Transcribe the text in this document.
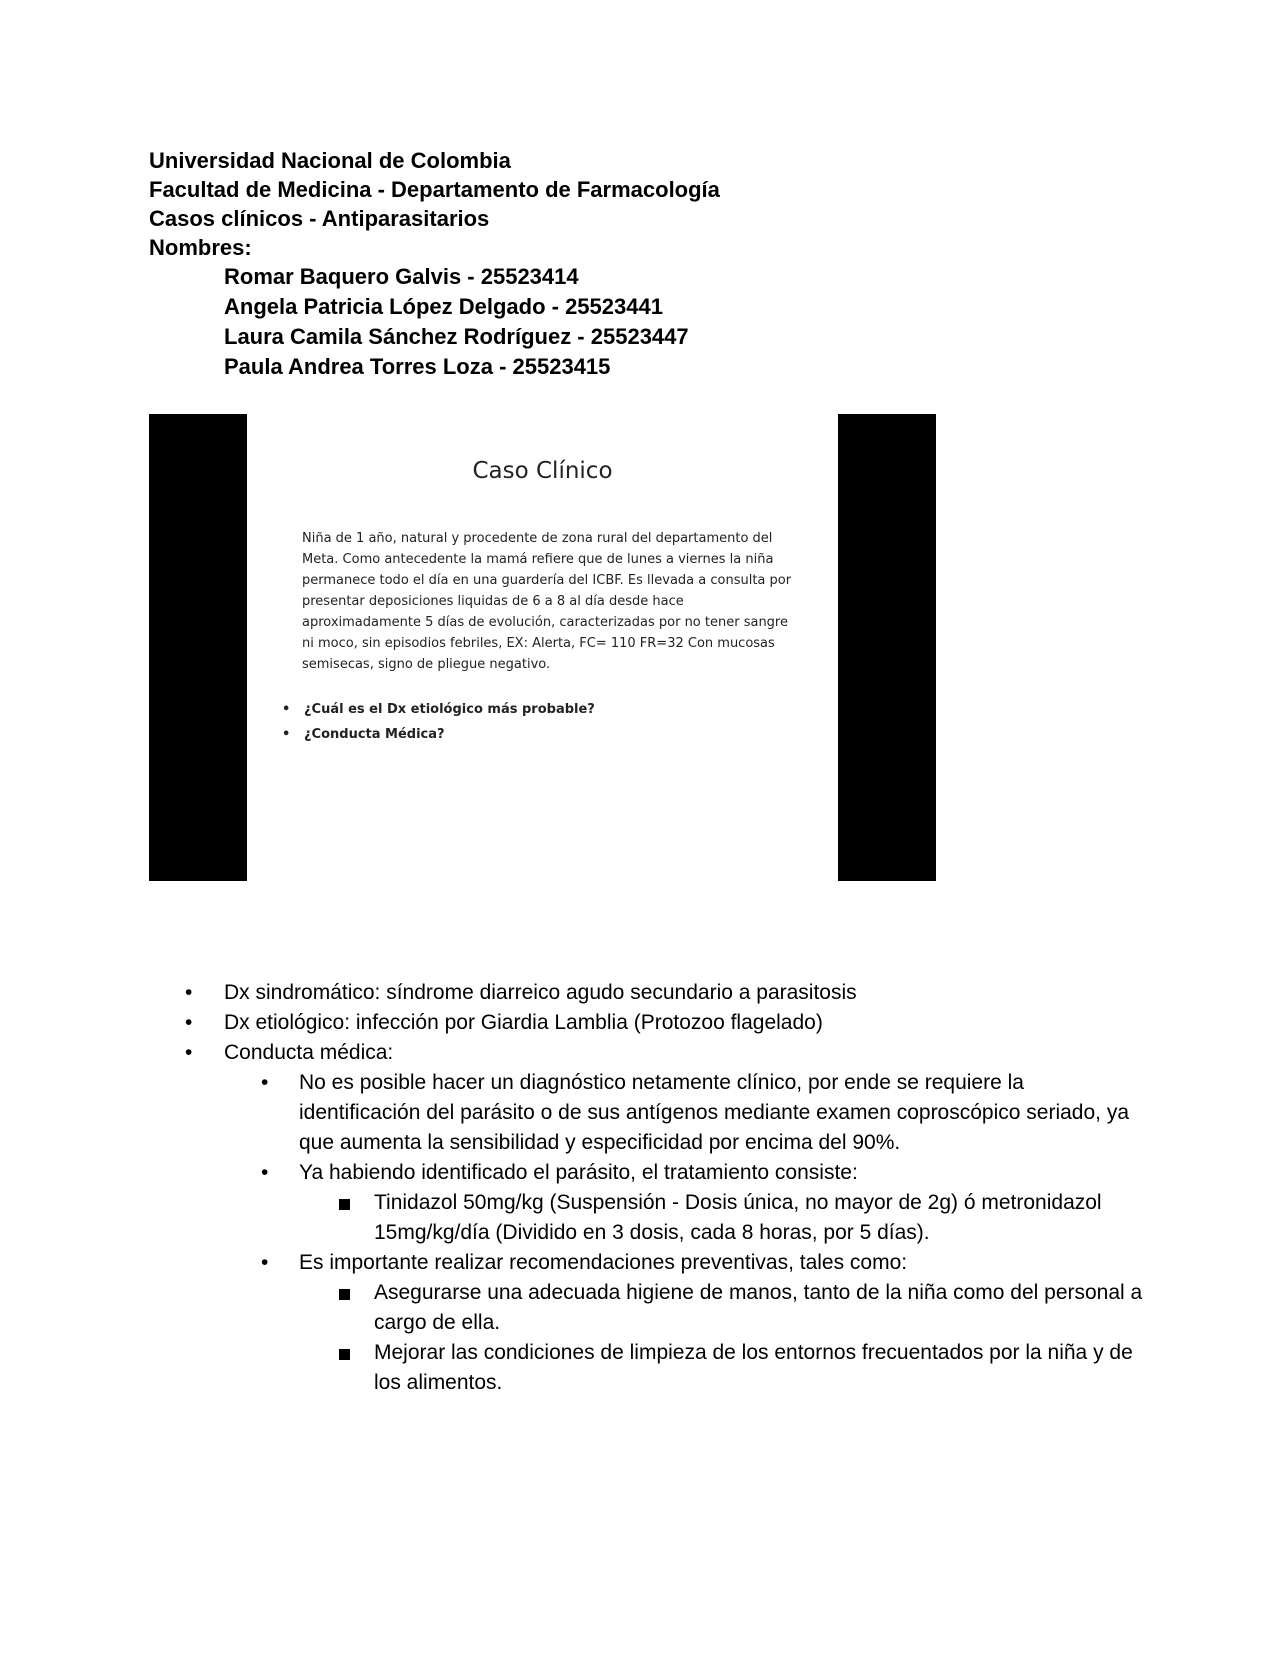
Universidad Nacional de Colombia
Facultad de Medicina - Departamento de Farmacología
Casos clínicos - Antiparasitarios
Nombres:
Romar Baquero Galvis - 25523414
Angela Patricia López Delgado - 25523441
Laura Camila Sánchez Rodríguez - 25523447
Paula Andrea Torres Loza - 25523415
Caso Clínico
Niña de 1 año, natural y procedente de zona rural del departamento del Meta. Como antecedente la mamá refiere que de lunes a viernes la niña permanece todo el día en una guardería del ICBF. Es llevada a consulta por presentar deposiciones liquidas de 6 a 8 al día desde hace aproximadamente 5 días de evolución, caracterizadas por no tener sangre ni moco, sin episodios febriles, EX: Alerta, FC= 110 FR=32 Con mucosas semisecas, signo de pliegue negativo.
• ¿Cuál es el Dx etiológico más probable?
• ¿Conducta Médica?
• Dx sindromático: síndrome diarreico agudo secundario a parasitosis
• Dx etiológico: infección por Giardia Lamblia (Protozoo flagelado)
• Conducta médica:
• No es posible hacer un diagnóstico netamente clínico, por ende se requiere la identificación del parásito o de sus antígenos mediante examen coproscópico seriado, ya que aumenta la sensibilidad y especificidad por encima del 90%.
• Ya habiendo identificado el parásito, el tratamiento consiste:
Tinidazol 50mg/kg (Suspensión - Dosis única, no mayor de 2g) ó metronidazol 15mg/kg/día (Dividido en 3 dosis, cada 8 horas, por 5 días).
• Es importante realizar recomendaciones preventivas, tales como:
Asegurarse una adecuada higiene de manos, tanto de la niña como del personal a cargo de ella.
Mejorar las condiciones de limpieza de los entornos frecuentados por la niña y de los alimentos.
